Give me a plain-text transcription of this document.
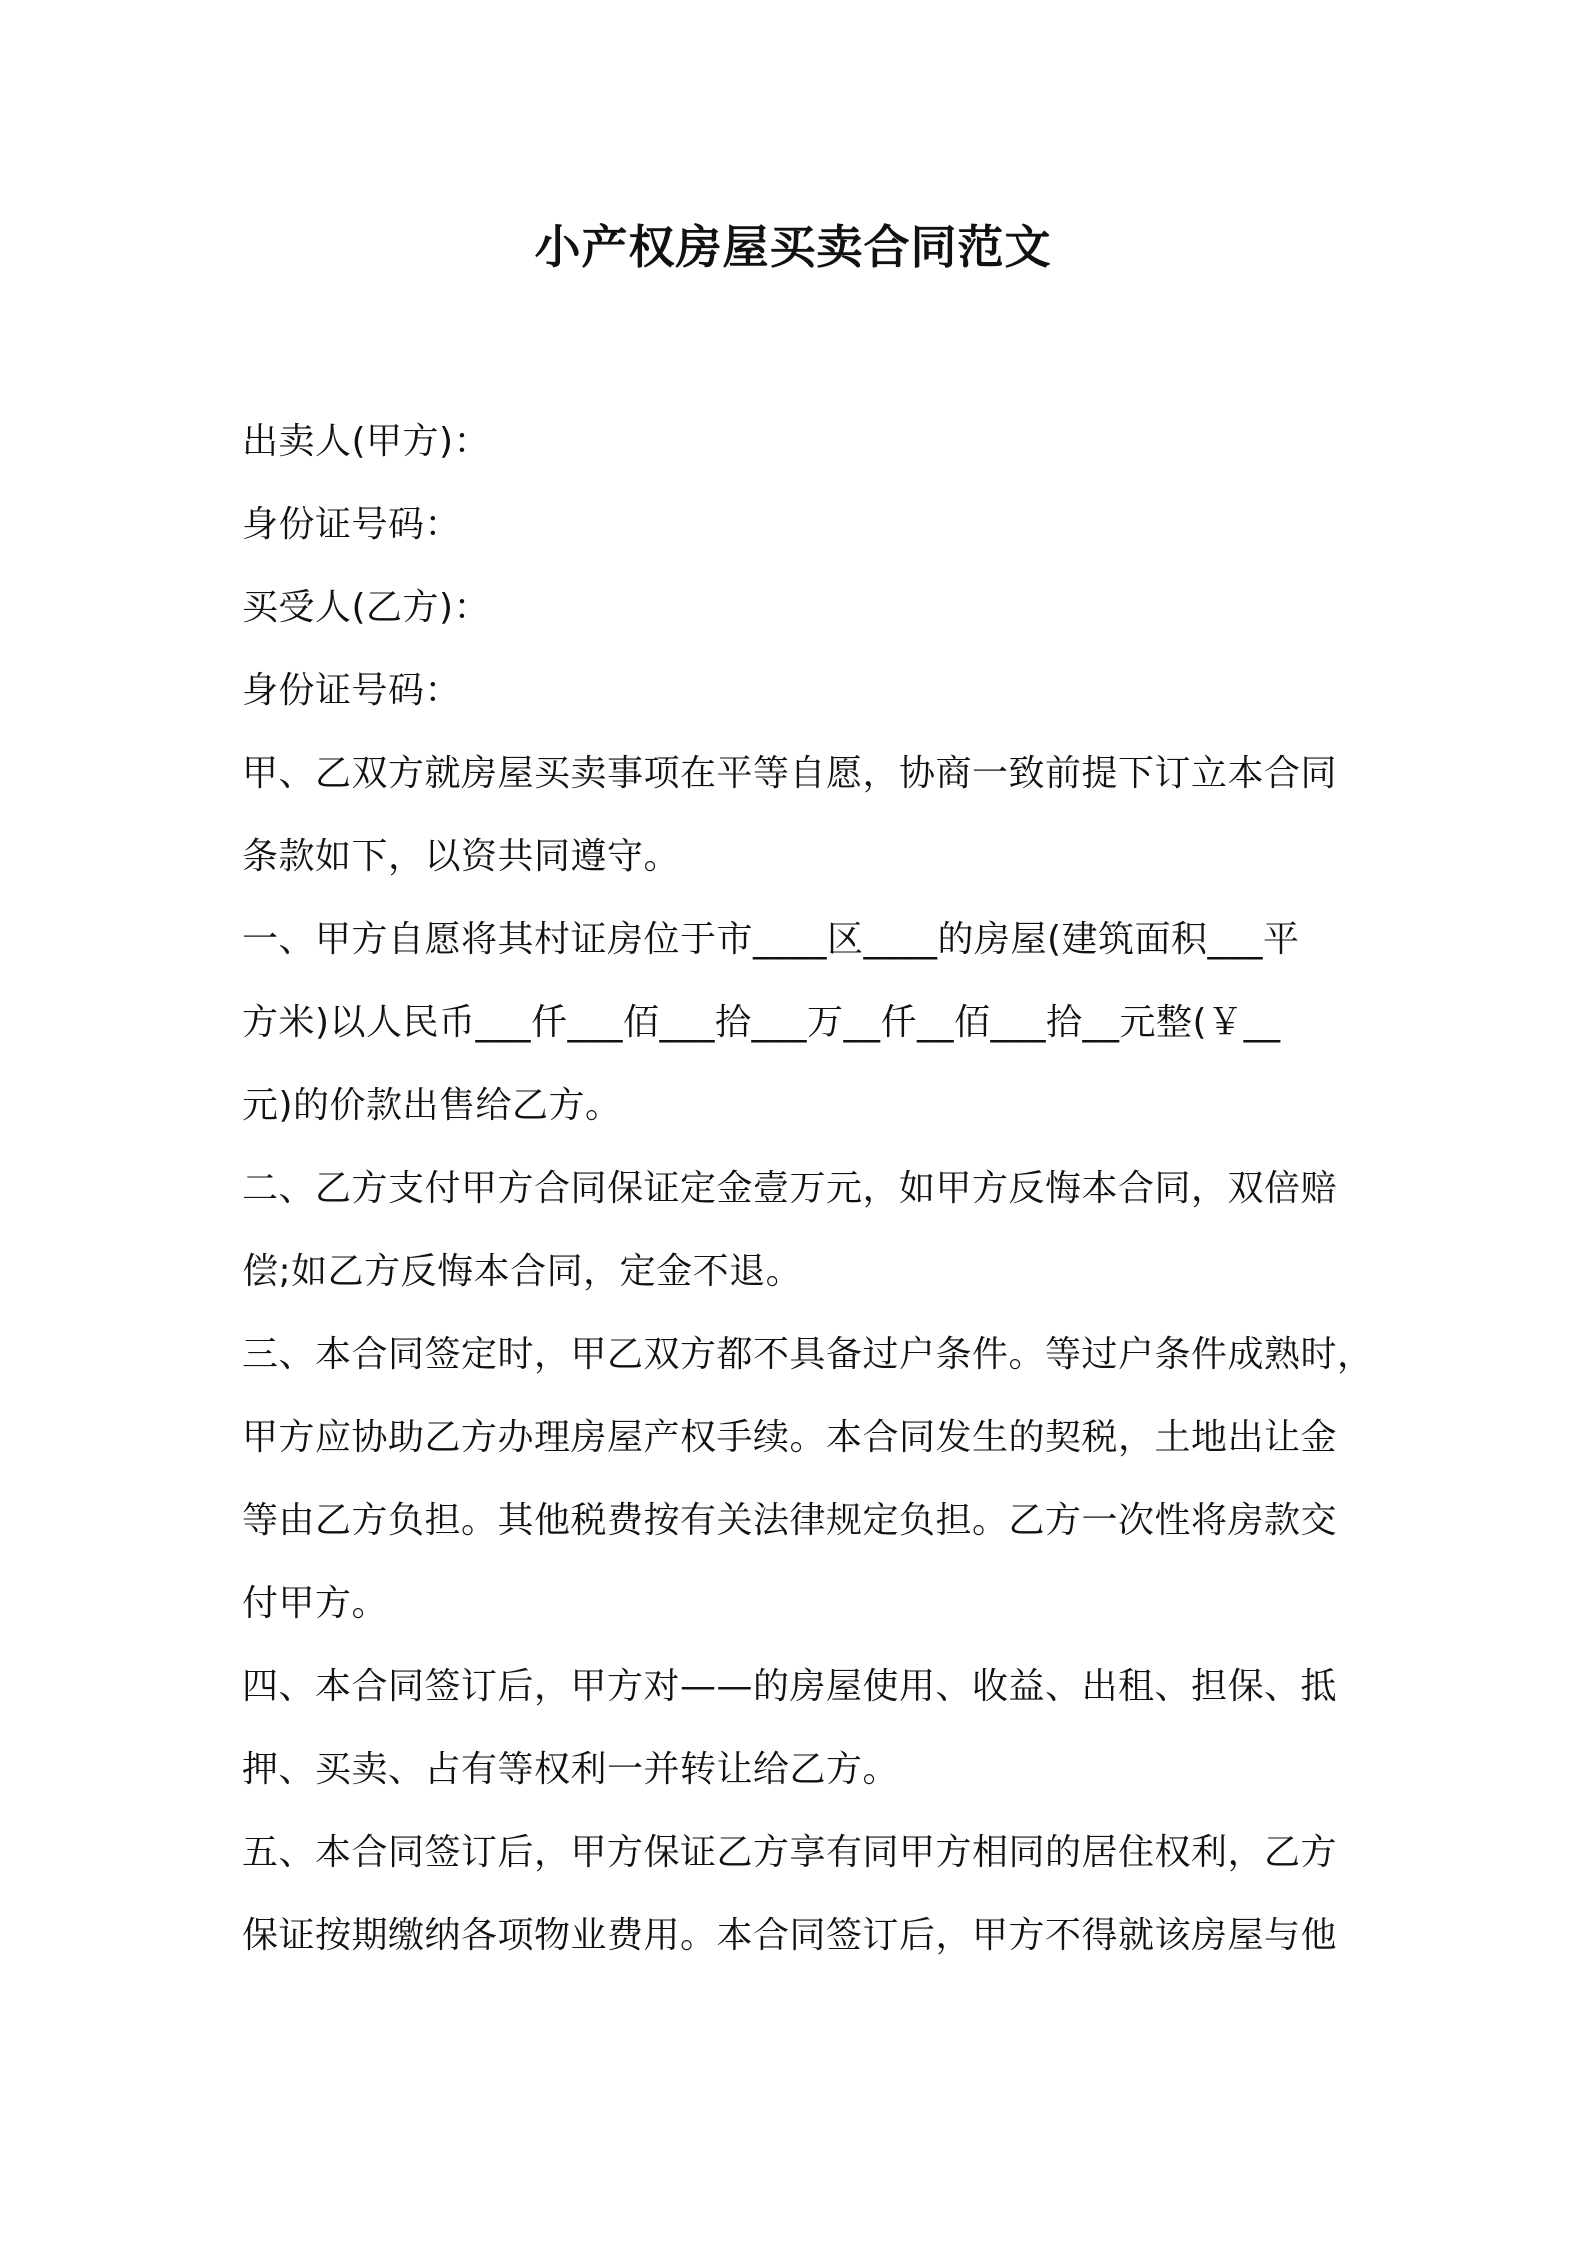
小产权房屋买卖合同范文

出卖人(甲方)：

身份证号码：

买受人(乙方)：

身份证号码：

甲、乙双方就房屋买卖事项在平等自愿，协商一致前提下订立本合同

条款如下，以资共同遵守。

一、甲方自愿将其村证房位于市____区____的房屋(建筑面积___平

方米)以人民币___仟___佰___拾___万__仟__佰___拾__元整(￥__

元)的价款出售给乙方。

二、乙方支付甲方合同保证定金壹万元，如甲方反悔本合同，双倍赔

偿;如乙方反悔本合同，定金不退。

三、本合同签定时，甲乙双方都不具备过户条件。等过户条件成熟时，

甲方应协助乙方办理房屋产权手续。本合同发生的契税，土地出让金

等由乙方负担。其他税费按有关法律规定负担。乙方一次性将房款交

付甲方。

四、本合同签订后，甲方对——的房屋使用、收益、出租、担保、抵

押、买卖、占有等权利一并转让给乙方。

五、本合同签订后，甲方保证乙方享有同甲方相同的居住权利，乙方

保证按期缴纳各项物业费用。本合同签订后，甲方不得就该房屋与他
